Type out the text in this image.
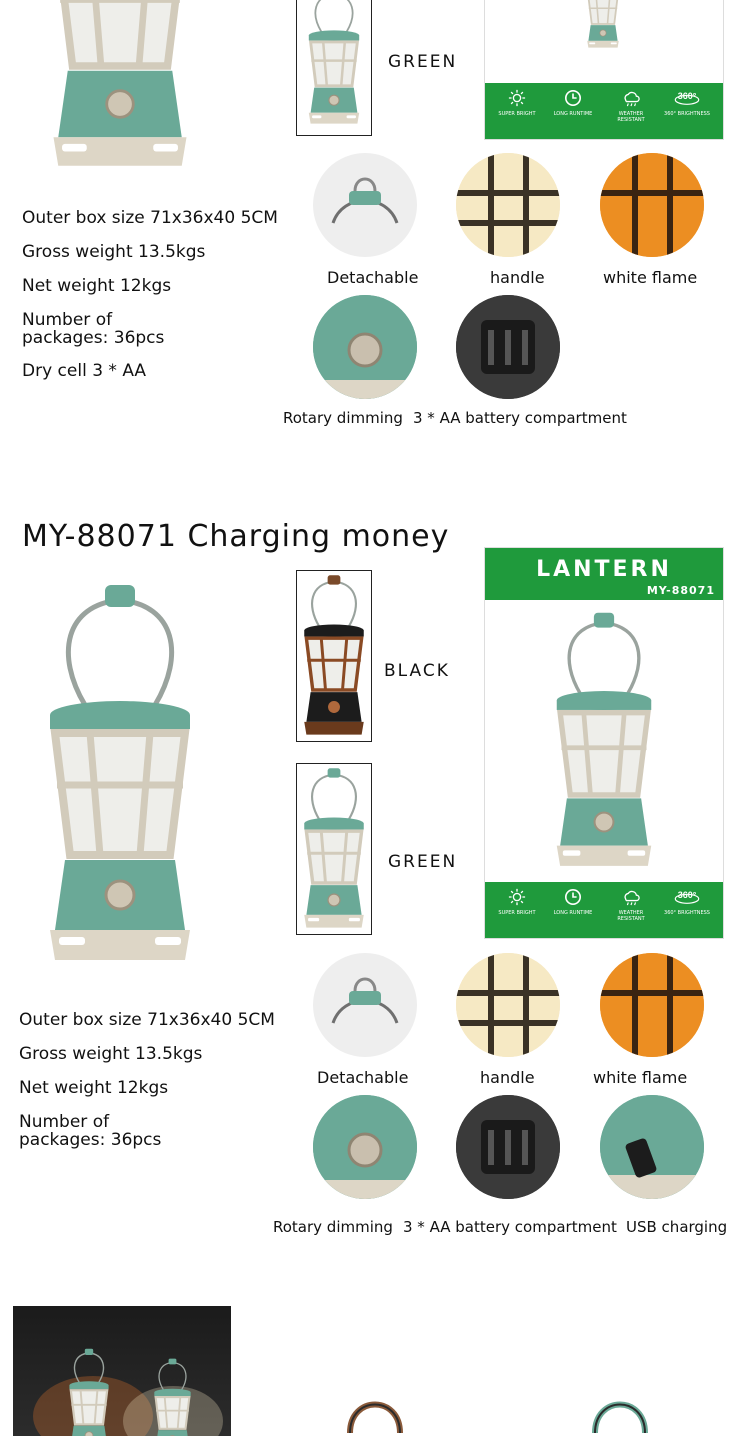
GREEN
SUPER BRIGHT	LONG RUNTIME	WEATHER RESISTANT
360° BRIGHTNESS
Outer box size 71x36x40 5CM
Gross weight 13.5kgs
Net weight 12kgs
Number of
packages: 36pcs
Dry cell 3 * AA
Detachable	handle	white flame
Rotary dimming 3 * AA battery compartment
MY-88071 Charging money
BLACK
GREEN
LANTERN
MY-88071
SUPER BRIGHT	LONG RUNTIME	WEATHER RESISTANT
360° BRIGHTNESS
Outer box size 71x36x40 5CM
Gross weight 13.5kgs
Net weight 12kgs
Number of
packages: 36pcs
Detachable	handle	white flame
Rotary dimming 3 * AA battery compartment USB charging
